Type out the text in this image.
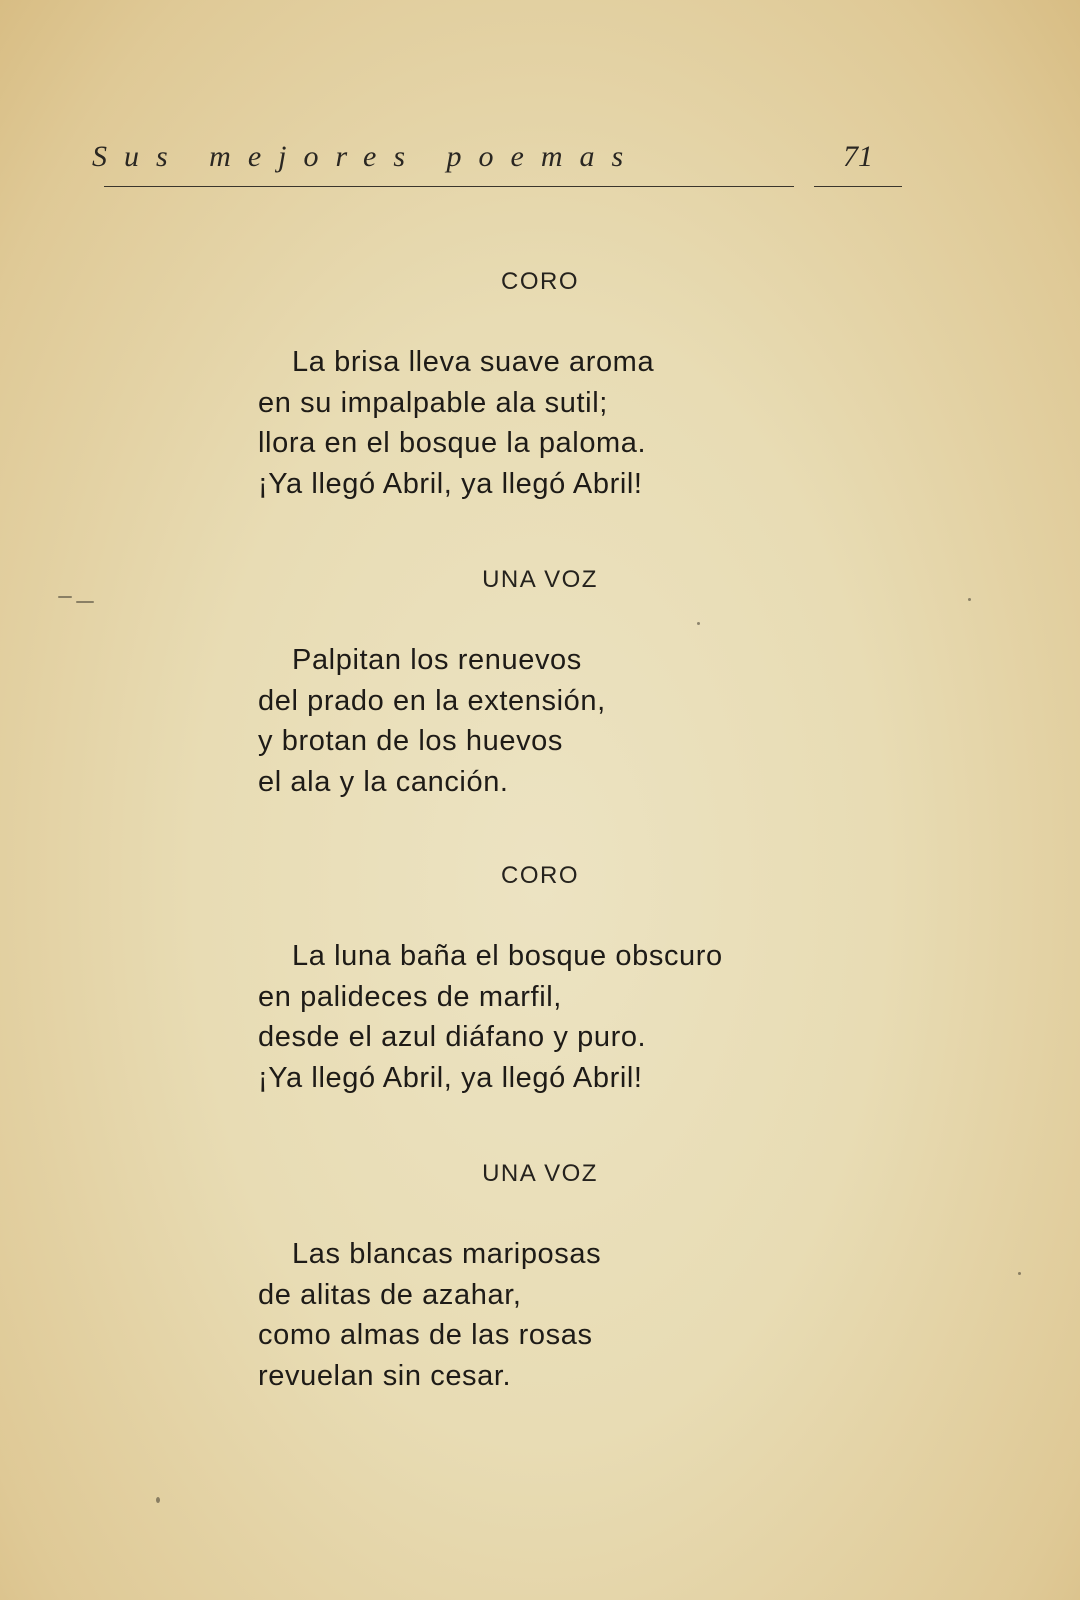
Sus mejores poemas	71
CORO
La brisa lleva suave aroma
en su impalpable ala sutil;
llora en el bosque la paloma.
¡Ya llegó Abril, ya llegó Abril!
UNA VOZ
Palpitan los renuevos
del prado en la extensión,
y brotan de los huevos
el ala y la canción.
CORO
La luna baña el bosque obscuro
en palideces de marfil,
desde el azul diáfano y puro.
¡Ya llegó Abril, ya llegó Abril!
UNA VOZ
Las blancas mariposas
de alitas de azahar,
como almas de las rosas
revuelan sin cesar.
